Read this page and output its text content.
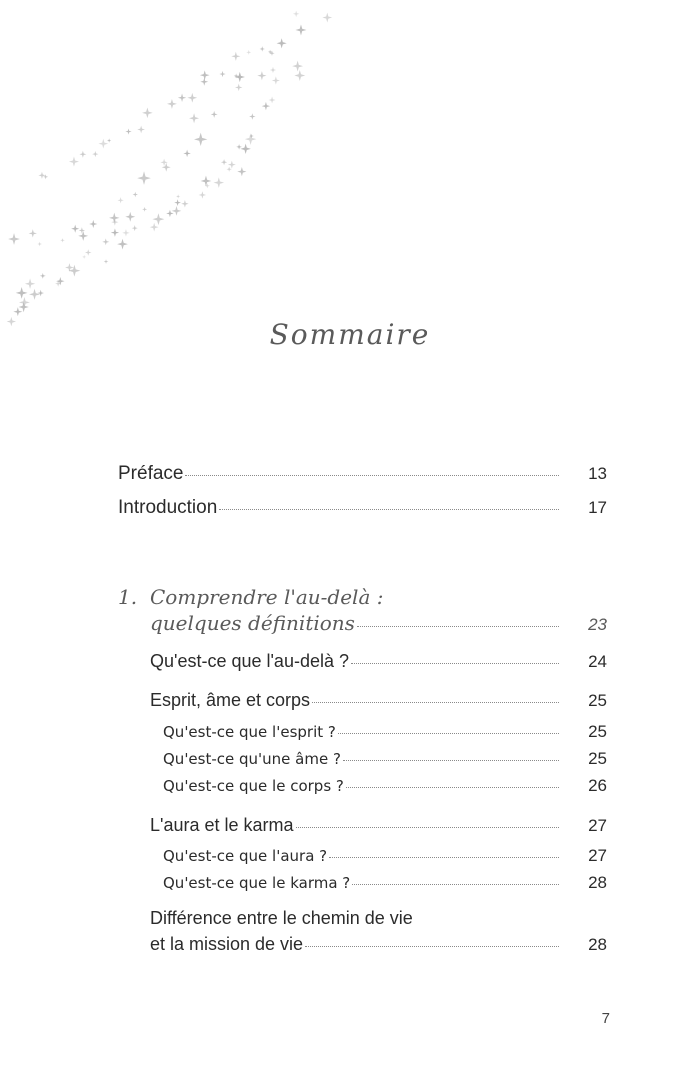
Sommaire
Préface	13
Introduction	17
1. Comprendre l'au-delà :
quelques définitions	23
Qu'est-ce que l'au-delà ?	24
Esprit, âme et corps	25
Qu'est-ce que l'esprit ?	25
Qu'est-ce qu'une âme ?	25
Qu'est-ce que le corps ?	26
L'aura et le karma	27
Qu'est-ce que l'aura ?	27
Qu'est-ce que le karma ?	28
Différence entre le chemin de vie
et la mission de vie	28
7
